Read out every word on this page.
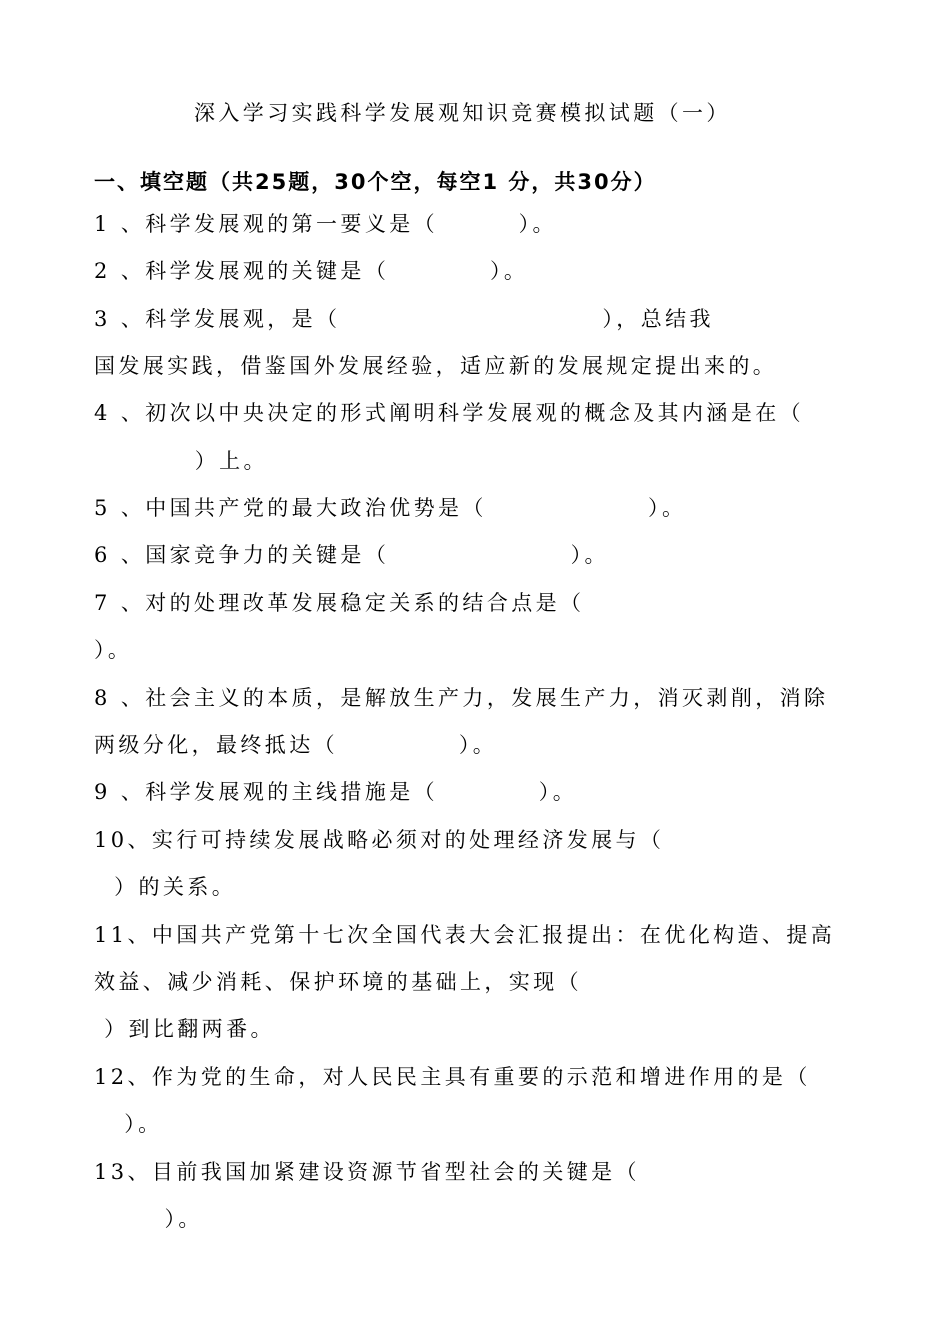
深入学习实践科学发展观知识竞赛模拟试题（一）
一、填空题（共25题，30个空，每空1 分，共30分）
1 、科学发展观的第一要义是（        ）。
2 、科学发展观的关键是（          ）。
3 、科学发展观，是（                          ），总结我
国发展实践，借鉴国外发展经验，适应新的发展规定提出来的。
4 、初次以中央决定的形式阐明科学发展观的概念及其内涵是在（
）上。
5 、中国共产党的最大政治优势是（                ）。
6 、国家竞争力的关键是（                  ）。
7 、对的处理改革发展稳定关系的结合点是（
）。
8 、社会主义的本质，是解放生产力，发展生产力，消灭剥削，消除
两级分化，最终抵达（            ）。
9 、科学发展观的主线措施是（          ）。
10、实行可持续发展战略必须对的处理经济发展与（
）的关系。
11、中国共产党第十七次全国代表大会汇报提出：在优化构造、提高
效益、减少消耗、保护环境的基础上，实现（
）到比翻两番。
12、作为党的生命，对人民民主具有重要的示范和增进作用的是（
）。
13、目前我国加紧建设资源节省型社会的关键是（
）。
